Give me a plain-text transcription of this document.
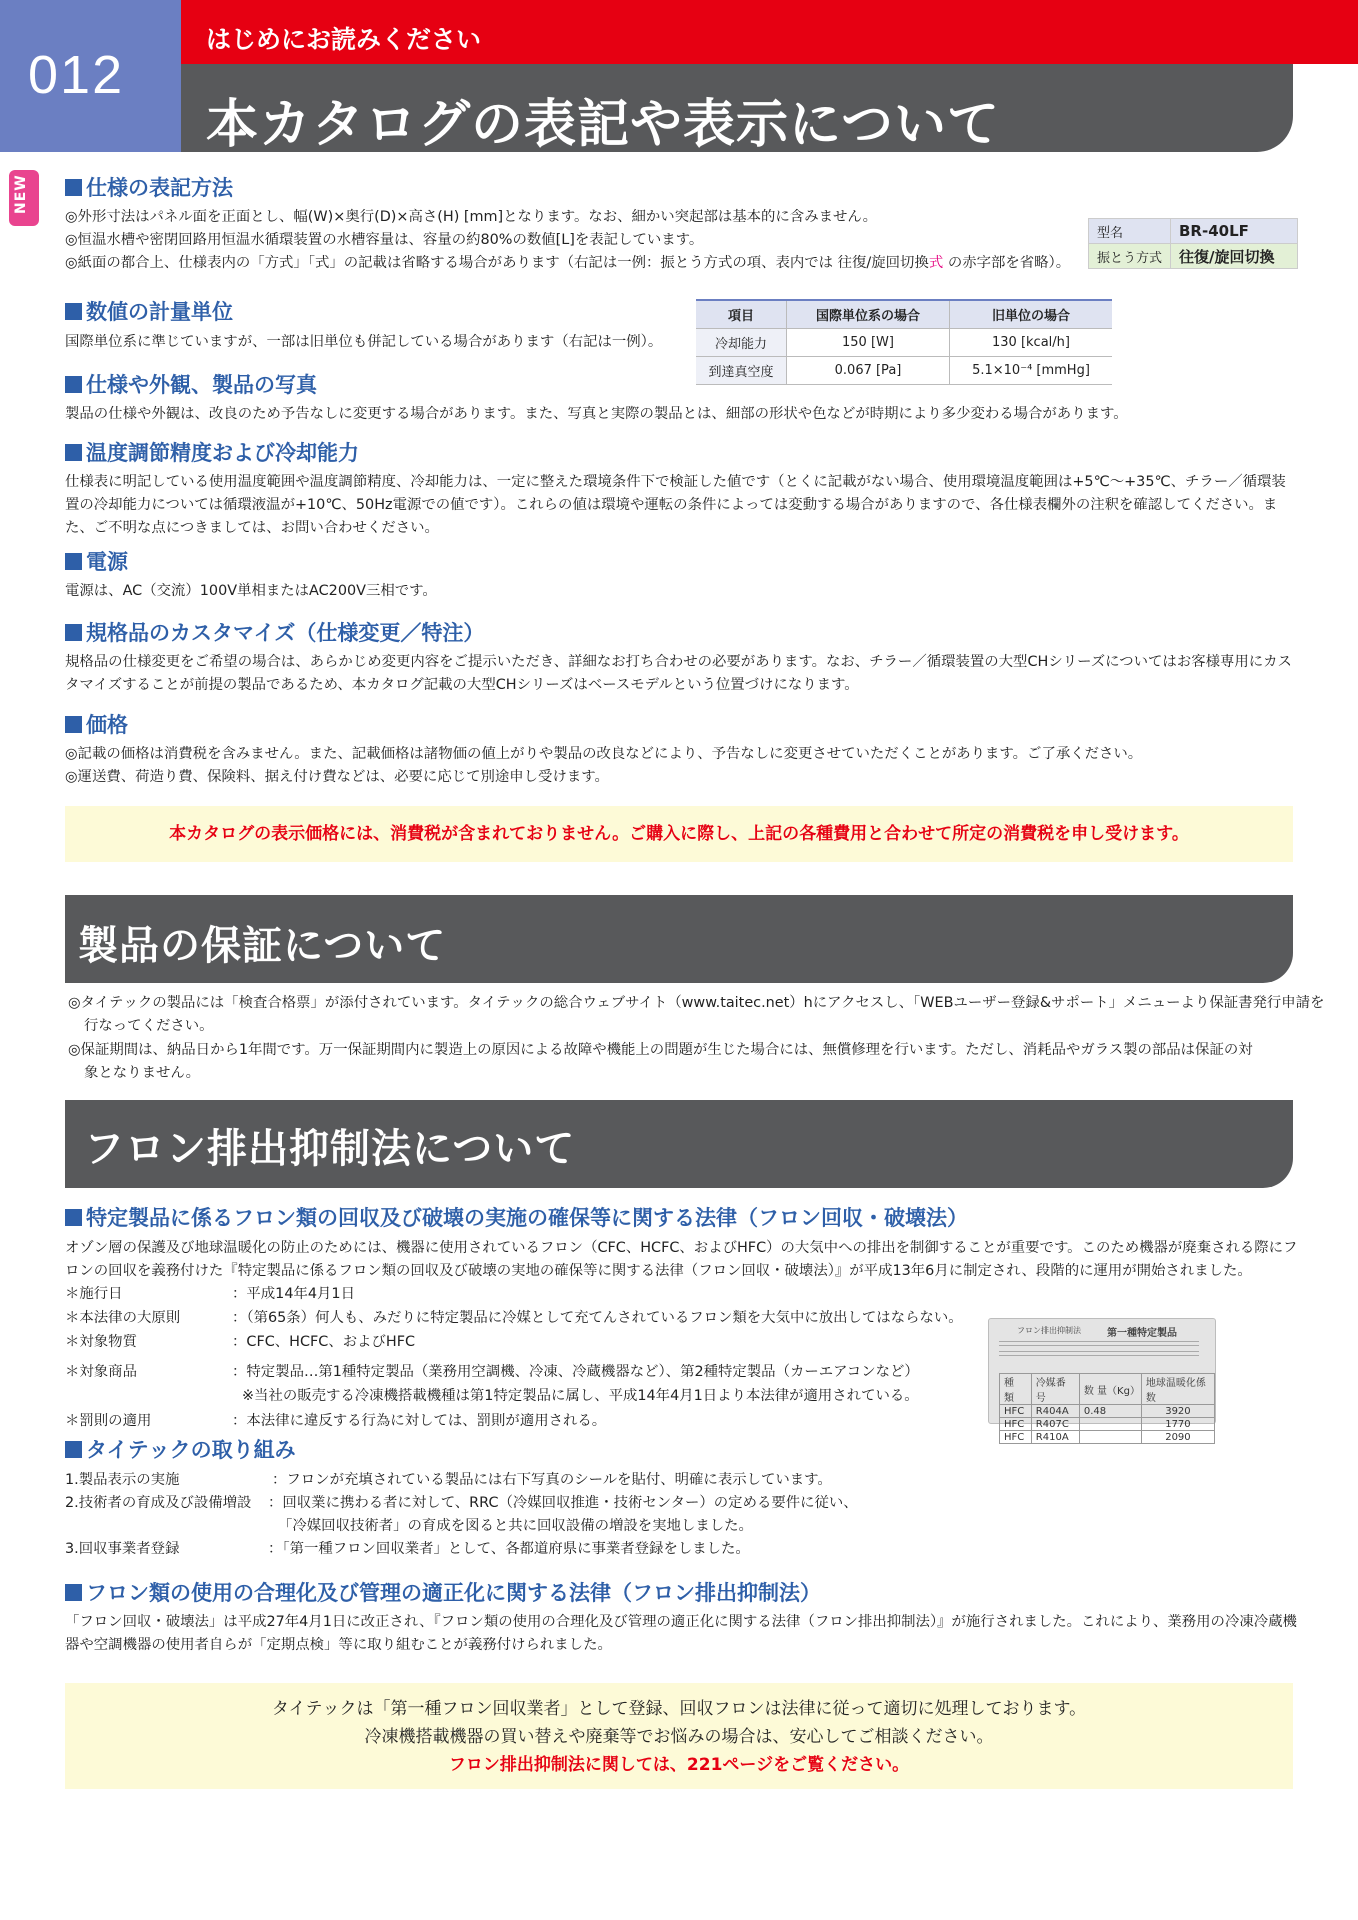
012
はじめにお読みください
本カタログの表記や表示について
NEW	仕様の表記方法
◎外形寸法はパネル面を正面とし、幅(W)×奥行(D)×高さ(H) [mm]となります。なお、細かい突起部は基本的に含みません。
◎恒温水槽や密閉回路用恒温水循環装置の水槽容量は、容量の約80%の数値[L]を表記しています。
◎紙面の都合上、仕様表内の「方式」「式」の記載は省略する場合があります（右記は一例：振とう方式の項、表内では 往復/旋回切換式 の赤字部を省略）。
型名	BR-40LF
振とう方式	往復/旋回切換
数値の計量単位
国際単位系に準じていますが、一部は旧単位も併記している場合があります（右記は一例）。
項目	国際単位系の場合	旧単位の場合
冷却能力	150 [W]	130 [kcal/h]
到達真空度	0.067 [Pa]	5.1×10⁻⁴ [mmHg]
仕様や外観、製品の写真
製品の仕様や外観は、改良のため予告なしに変更する場合があります。また、写真と実際の製品とは、細部の形状や色などが時期により多少変わる場合があります。
温度調節精度および冷却能力
仕様表に明記している使用温度範囲や温度調節精度、冷却能力は、一定に整えた環境条件下で検証した値です（とくに記載がない場合、使用環境温度範囲は+5℃〜+35℃、チラー／循環装置の冷却能力については循環液温が+10℃、50Hz電源での値です）。これらの値は環境や運転の条件によっては変動する場合がありますので、各仕様表欄外の注釈を確認してください。また、ご不明な点につきましては、お問い合わせください。
電源
電源は、AC（交流）100V単相またはAC200V三相です。
規格品のカスタマイズ（仕様変更／特注）
規格品の仕様変更をご希望の場合は、あらかじめ変更内容をご提示いただき、詳細なお打ち合わせの必要があります。なお、チラー／循環装置の大型CHシリーズについてはお客様専用にカスタマイズすることが前提の製品であるため、本カタログ記載の大型CHシリーズはベースモデルという位置づけになります。
価格
◎記載の価格は消費税を含みません。また、記載価格は諸物価の値上がりや製品の改良などにより、予告なしに変更させていただくことがあります。ご了承ください。
◎運送費、荷造り費、保険料、据え付け費などは、必要に応じて別途申し受けます。
本カタログの表示価格には、消費税が含まれておりません。ご購入に際し、上記の各種費用と合わせて所定の消費税を申し受けます。
製品の保証について
◎タイテックの製品には「検査合格票」が添付されています。タイテックの総合ウェブサイト（www.taitec.net）hにアクセスし、「WEBユーザー登録&サポート」メニューより保証書発行申請を
行なってください。
◎保証期間は、納品日から1年間です。万一保証期間内に製造上の原因による故障や機能上の問題が生じた場合には、無償修理を行います。ただし、消耗品やガラス製の部品は保証の対
象となりません。
フロン排出抑制法について
特定製品に係るフロン類の回収及び破壊の実施の確保等に関する法律（フロン回収・破壊法）
オゾン層の保護及び地球温暖化の防止のためには、機器に使用されているフロン（CFC、HCFC、およびHFC）の大気中への排出を制御することが重要です。このため機器が廃棄される際にフロンの回収を義務付けた『特定製品に係るフロン類の回収及び破壊の実地の確保等に関する法律（フロン回収・破壊法）』が平成13年6月に制定され、段階的に運用が開始されました。
＊施行日	：平成14年4月1日
＊本法律の大原則	：（第65条）何人も、みだりに特定製品に冷媒として充てんされているフロン類を大気中に放出してはならない。
＊対象物質	：CFC、HCFC、およびHFC
＊対象商品	：特定製品…第1種特定製品（業務用空調機、冷凍、冷蔵機器など）、第2種特定製品（カーエアコンなど）
※当社の販売する冷凍機搭載機種は第1特定製品に属し、平成14年4月1日より本法律が適用されている。
＊罰則の適用	：本法律に違反する行為に対しては、罰則が適用される。
フロン排出抑制法	第一種特定製品
種 類	冷媒番号	数 量（Kg）	地球温暖化係数
HFC	R404A	0.48	3920
HFC	R407C		1770
HFC	R410A		2090
タイテックの取り組み
1.製品表示の実施	：フロンが充填されている製品には右下写真のシールを貼付、明確に表示しています。
2.技術者の育成及び設備増設 ：回収業に携わる者に対して、RRC（冷媒回収推進・技術センター）の定める要件に従い、
「冷媒回収技術者」の育成を図ると共に回収設備の増設を実地しました。
3.回収事業者登録	：「第一種フロン回収業者」として、各都道府県に事業者登録をしました。
フロン類の使用の合理化及び管理の適正化に関する法律（フロン排出抑制法）
「フロン回収・破壊法」は平成27年4月1日に改正され、『フロン類の使用の合理化及び管理の適正化に関する法律（フロン排出抑制法）』が施行されました。これにより、業務用の冷凍冷蔵機器や空調機器の使用者自らが「定期点検」等に取り組むことが義務付けられました。
タイテックは「第一種フロン回収業者」として登録、回収フロンは法律に従って適切に処理しております。
冷凍機搭載機器の買い替えや廃棄等でお悩みの場合は、安心してご相談ください。
フロン排出抑制法に関しては、221ページをご覧ください。
